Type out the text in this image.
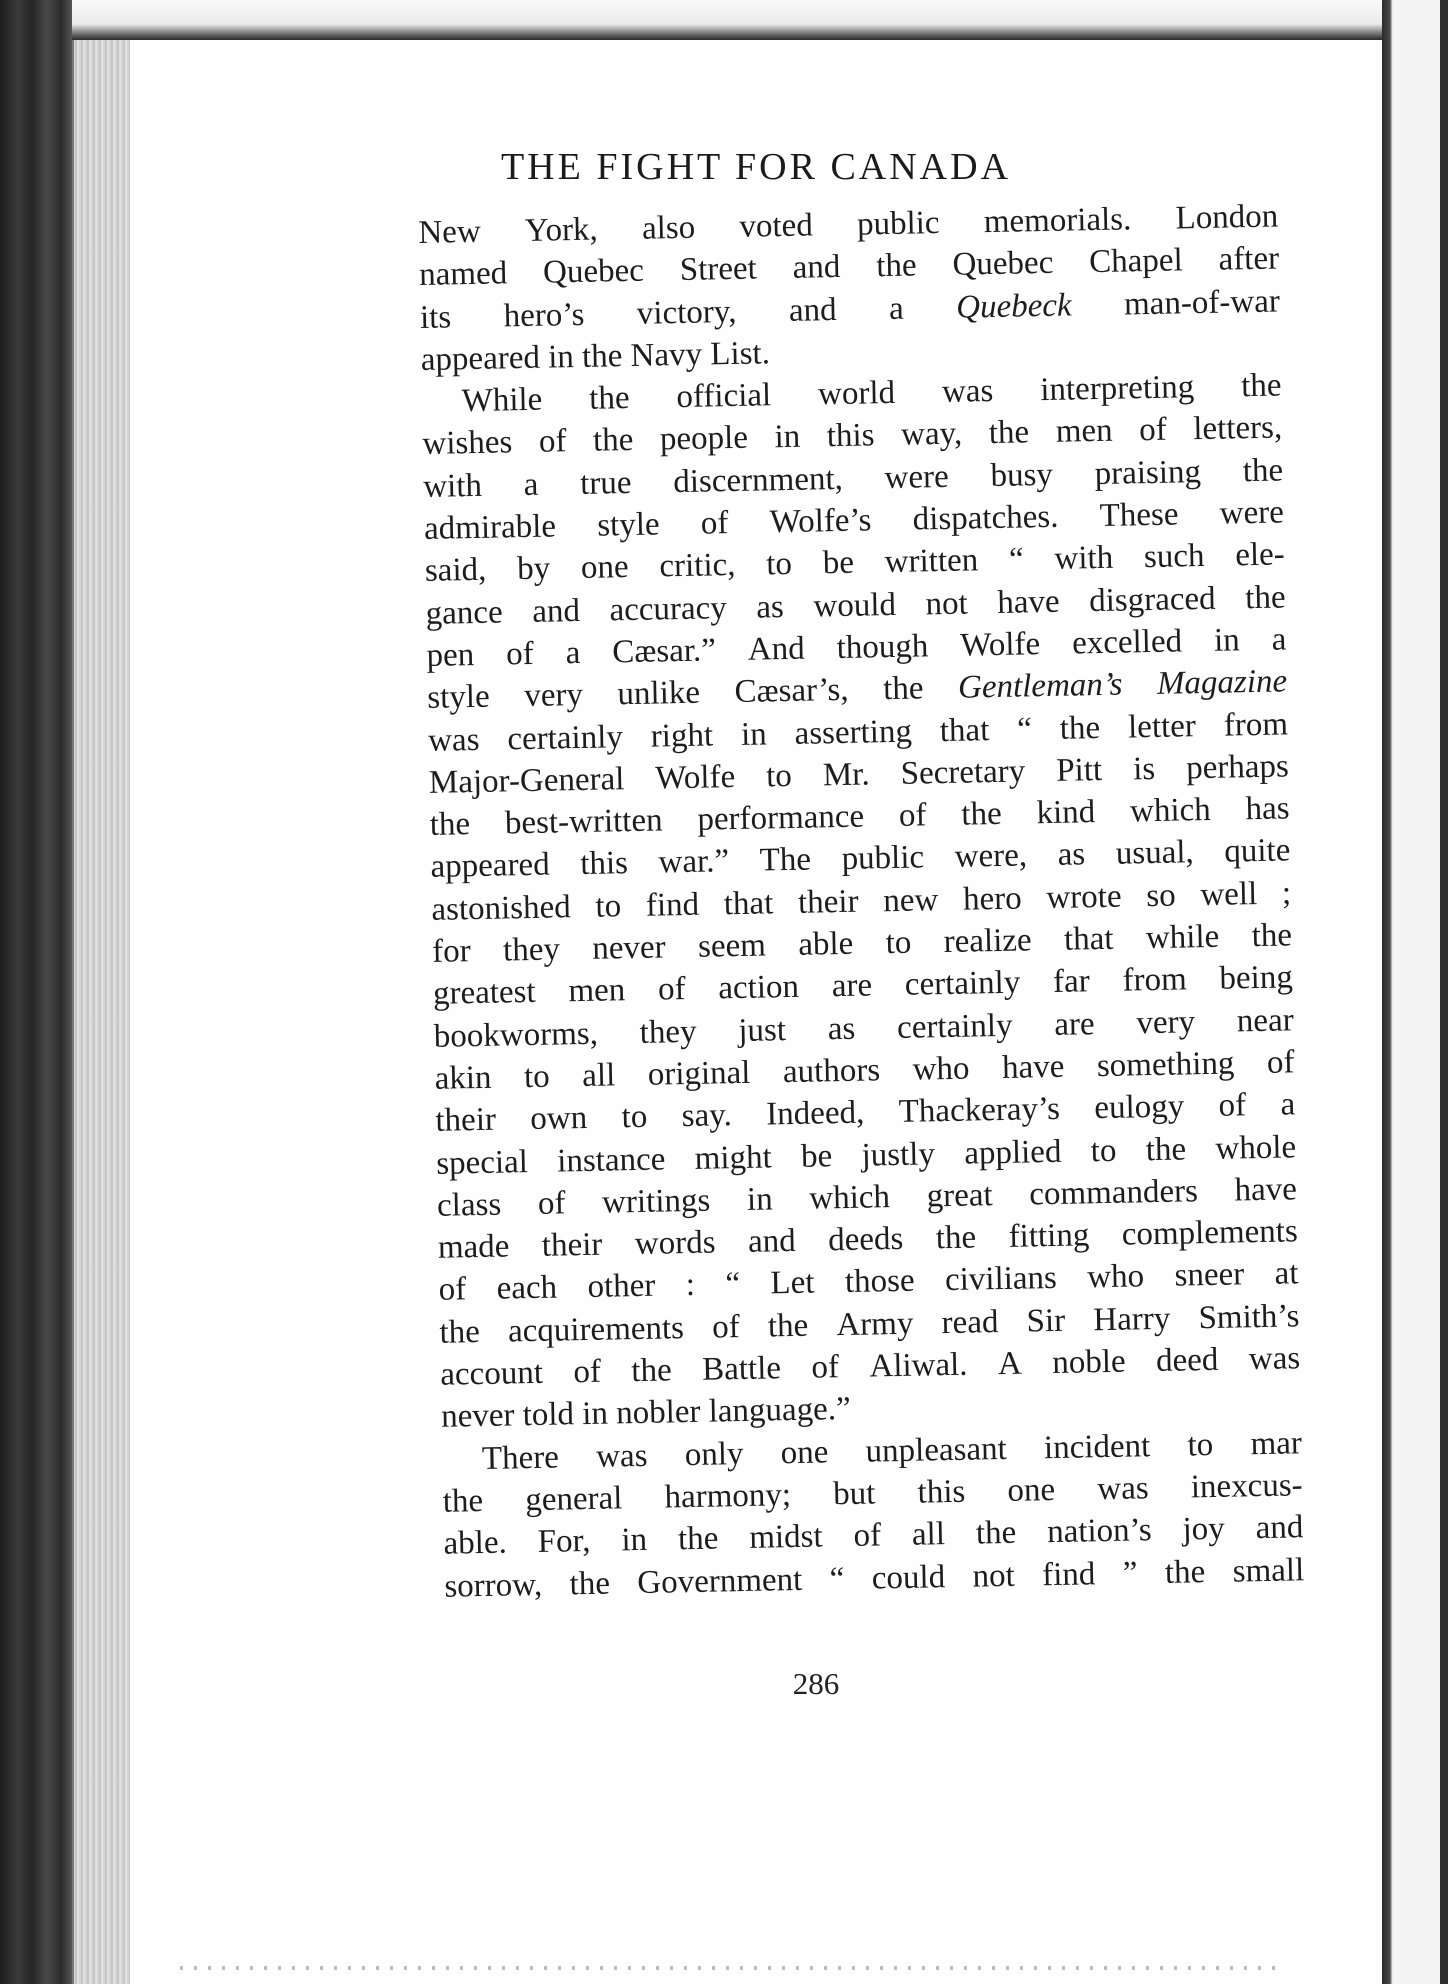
THE FIGHT FOR CANADA
New York, also voted public memorials. London
named Quebec Street and the Quebec Chapel after
its hero’s victory, and a Quebeck man-of-war
appeared in the Navy List.
While the official world was interpreting the
wishes of the people in this way, the men of letters,
with a true discernment, were busy praising the
admirable style of Wolfe’s dispatches. These were
said, by one critic, to be written “ with such ele-
gance and accuracy as would not have disgraced the
pen of a Cæsar.” And though Wolfe excelled in a
style very unlike Cæsar’s, the Gentleman’s Magazine
was certainly right in asserting that “ the letter from
Major-General Wolfe to Mr. Secretary Pitt is perhaps
the best-written performance of the kind which has
appeared this war.” The public were, as usual, quite
astonished to find that their new hero wrote so well ;
for they never seem able to realize that while the
greatest men of action are certainly far from being
bookworms, they just as certainly are very near
akin to all original authors who have something of
their own to say. Indeed, Thackeray’s eulogy of a
special instance might be justly applied to the whole
class of writings in which great commanders have
made their words and deeds the fitting complements
of each other : “ Let those civilians who sneer at
the acquirements of the Army read Sir Harry Smith’s
account of the Battle of Aliwal. A noble deed was
never told in nobler language.”
There was only one unpleasant incident to mar
the general harmony; but this one was inexcus-
able. For, in the midst of all the nation’s joy and
sorrow, the Government “ could not find ” the small
286
